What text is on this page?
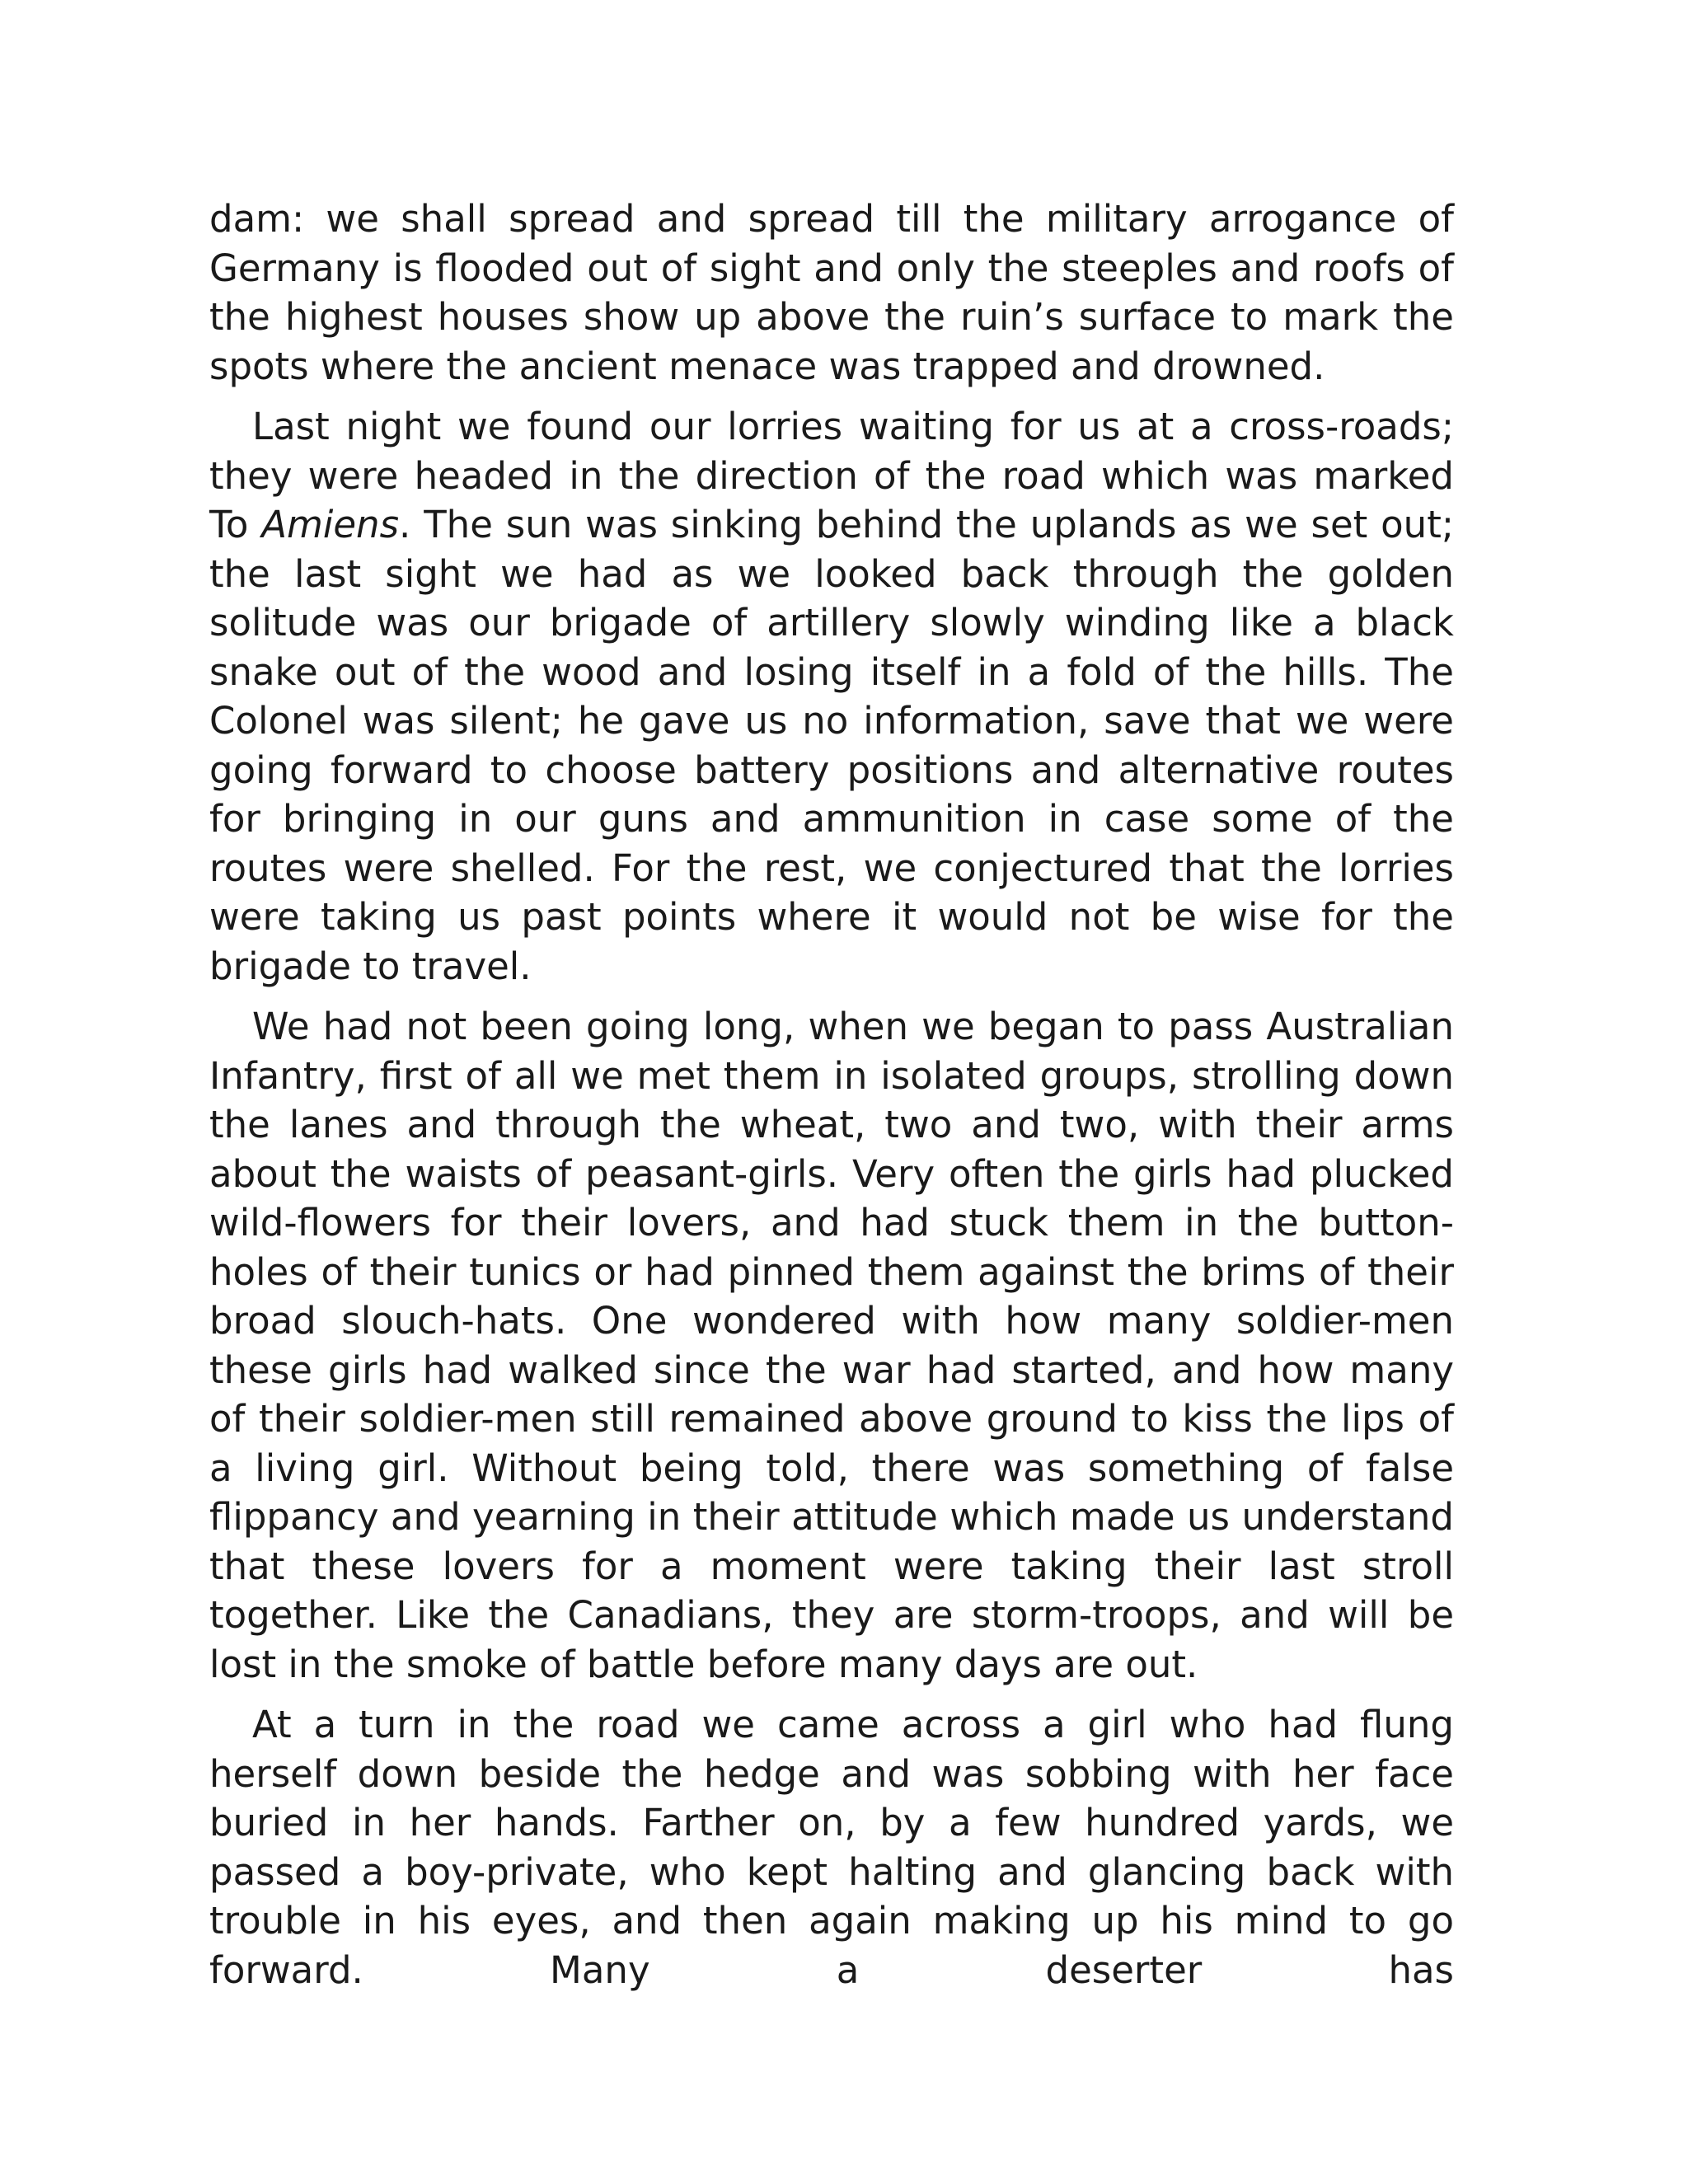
dam: we shall spread and spread till the military arrogance of Germany is flooded out of sight and only the steeples and roofs of the highest houses show up above the ruin’s surface to mark the spots where the ancient menace was trapped and drowned.

Last night we found our lorries waiting for us at a cross-roads; they were headed in the direction of the road which was marked To Amiens. The sun was sinking behind the uplands as we set out; the last sight we had as we looked back through the golden solitude was our brigade of artillery slowly winding like a black snake out of the wood and losing itself in a fold of the hills. The Colonel was silent; he gave us no information, save that we were going forward to choose battery positions and alternative routes for bringing in our guns and ammunition in case some of the routes were shelled. For the rest, we conjectured that the lorries were taking us past points where it would not be wise for the brigade to travel.

We had not been going long, when we began to pass Australian Infantry, first of all we met them in isolated groups, strolling down the lanes and through the wheat, two and two, with their arms about the waists of peasant-girls. Very often the girls had plucked wild-flowers for their lovers, and had stuck them in the button-holes of their tunics or had pinned them against the brims of their broad slouch-hats. One wondered with how many soldier-men these girls had walked since the war had started, and how many of their soldier-men still remained above ground to kiss the lips of a living girl. Without being told, there was something of false flippancy and yearning in their attitude which made us understand that these lovers for a moment were taking their last stroll together. Like the Canadians, they are storm-troops, and will be lost in the smoke of battle before many days are out.

At a turn in the road we came across a girl who had flung herself down beside the hedge and was sobbing with her face buried in her hands. Farther on, by a few hundred yards, we passed a boy-private, who kept halting and glancing back with trouble in his eyes, and then again making up his mind to go forward. Many a deserter has
